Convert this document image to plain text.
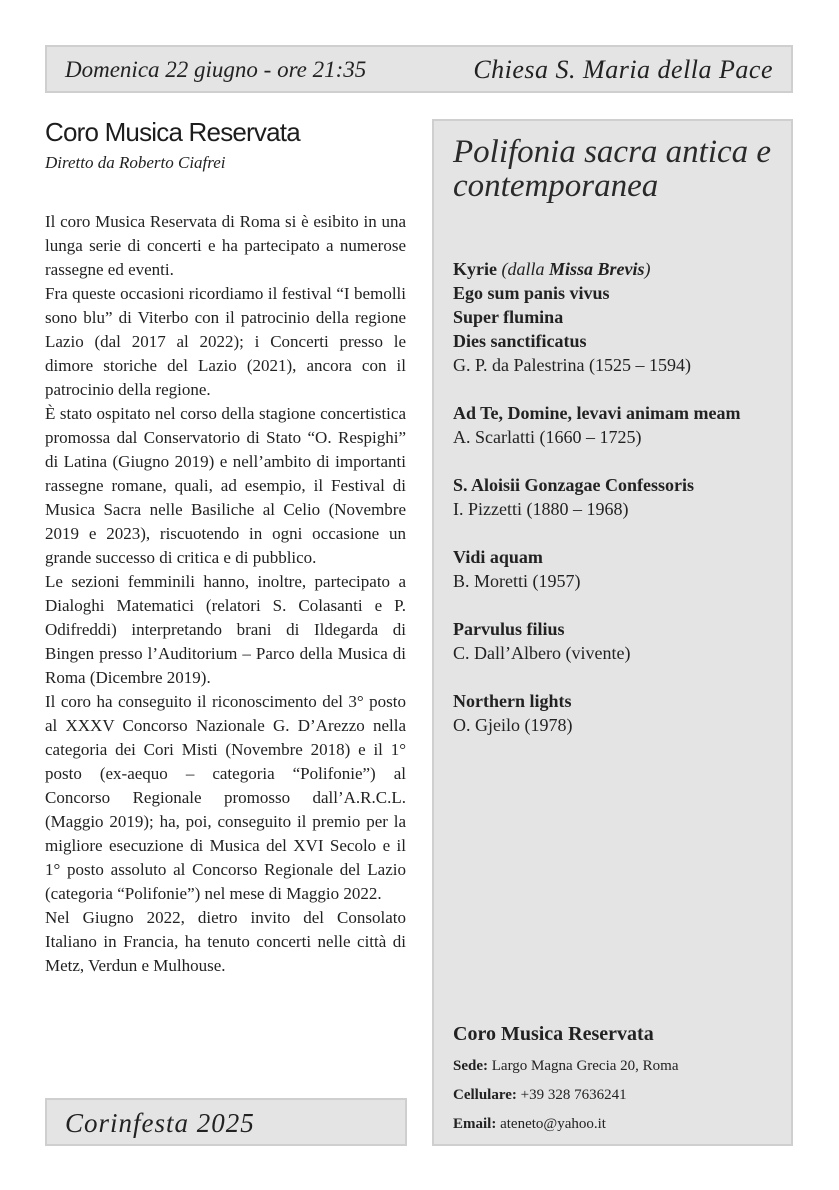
Domenica 22 giugno - ore 21:35	Chiesa S. Maria della Pace
Coro Musica Reservata
Diretto da Roberto Ciafrei

Il coro Musica Reservata di Roma si è esibito in una lunga serie di concerti e ha partecipato a numerose rassegne ed eventi.

Fra queste occasioni ricordiamo il festival “I bemolli sono blu” di Viterbo con il patrocinio della regione Lazio (dal 2017 al 2022); i Concerti presso le dimore storiche del Lazio (2021), ancora con il patrocinio della regione.

È stato ospitato nel corso della stagione concertistica promossa dal Conservatorio di Stato “O. Respighi” di Latina (Giugno 2019) e nell’ambito di importanti rassegne romane, quali, ad esempio, il Festival di Musica Sacra nelle Basiliche al Celio (Novembre 2019 e 2023), riscuotendo in ogni occasione un grande successo di critica e di pubblico.

Le sezioni femminili hanno, inoltre, partecipato a Dialoghi Matematici (relatori S. Colasanti e P. Odifreddi) interpretando brani di Ildegarda di Bingen presso l’Auditorium – Parco della Musica di Roma (Dicembre 2019).

Il coro ha conseguito il riconoscimento del 3° posto al XXXV Concorso Nazionale G. D’Arezzo nella categoria dei Cori Misti (Novembre 2018) e il 1° posto (ex-aequo – categoria “Polifonie”) al Concorso Regionale promosso dall’A.R.C.L. (Maggio 2019); ha, poi, conseguito il premio per la migliore esecuzione di Musica del XVI Secolo e il 1° posto assoluto al Concorso Regionale del Lazio (categoria “Polifonie”) nel mese di Maggio 2022.

Nel Giugno 2022, dietro invito del Consolato Italiano in Francia, ha tenuto concerti nelle città di Metz, Verdun e Mulhouse.

Corinfesta 2025
Polifonia sacra antica e contemporanea
Kyrie (dalla Missa Brevis)
Ego sum panis vivus
Super flumina
Dies sanctificatus
G. P. da Palestrina (1525 – 1594)
Ad Te, Domine, levavi animam meam
A. Scarlatti (1660 – 1725)
S. Aloisii Gonzagae Confessoris
I. Pizzetti (1880 – 1968)
Vidi aquam
B. Moretti (1957)
Parvulus filius
C. Dall’Albero (vivente)
Northern lights
O. Gjeilo (1978)
Coro Musica Reservata
Sede: Largo Magna Grecia 20, Roma
Cellulare: +39 328 7636241
Email: ateneto@yahoo.it
